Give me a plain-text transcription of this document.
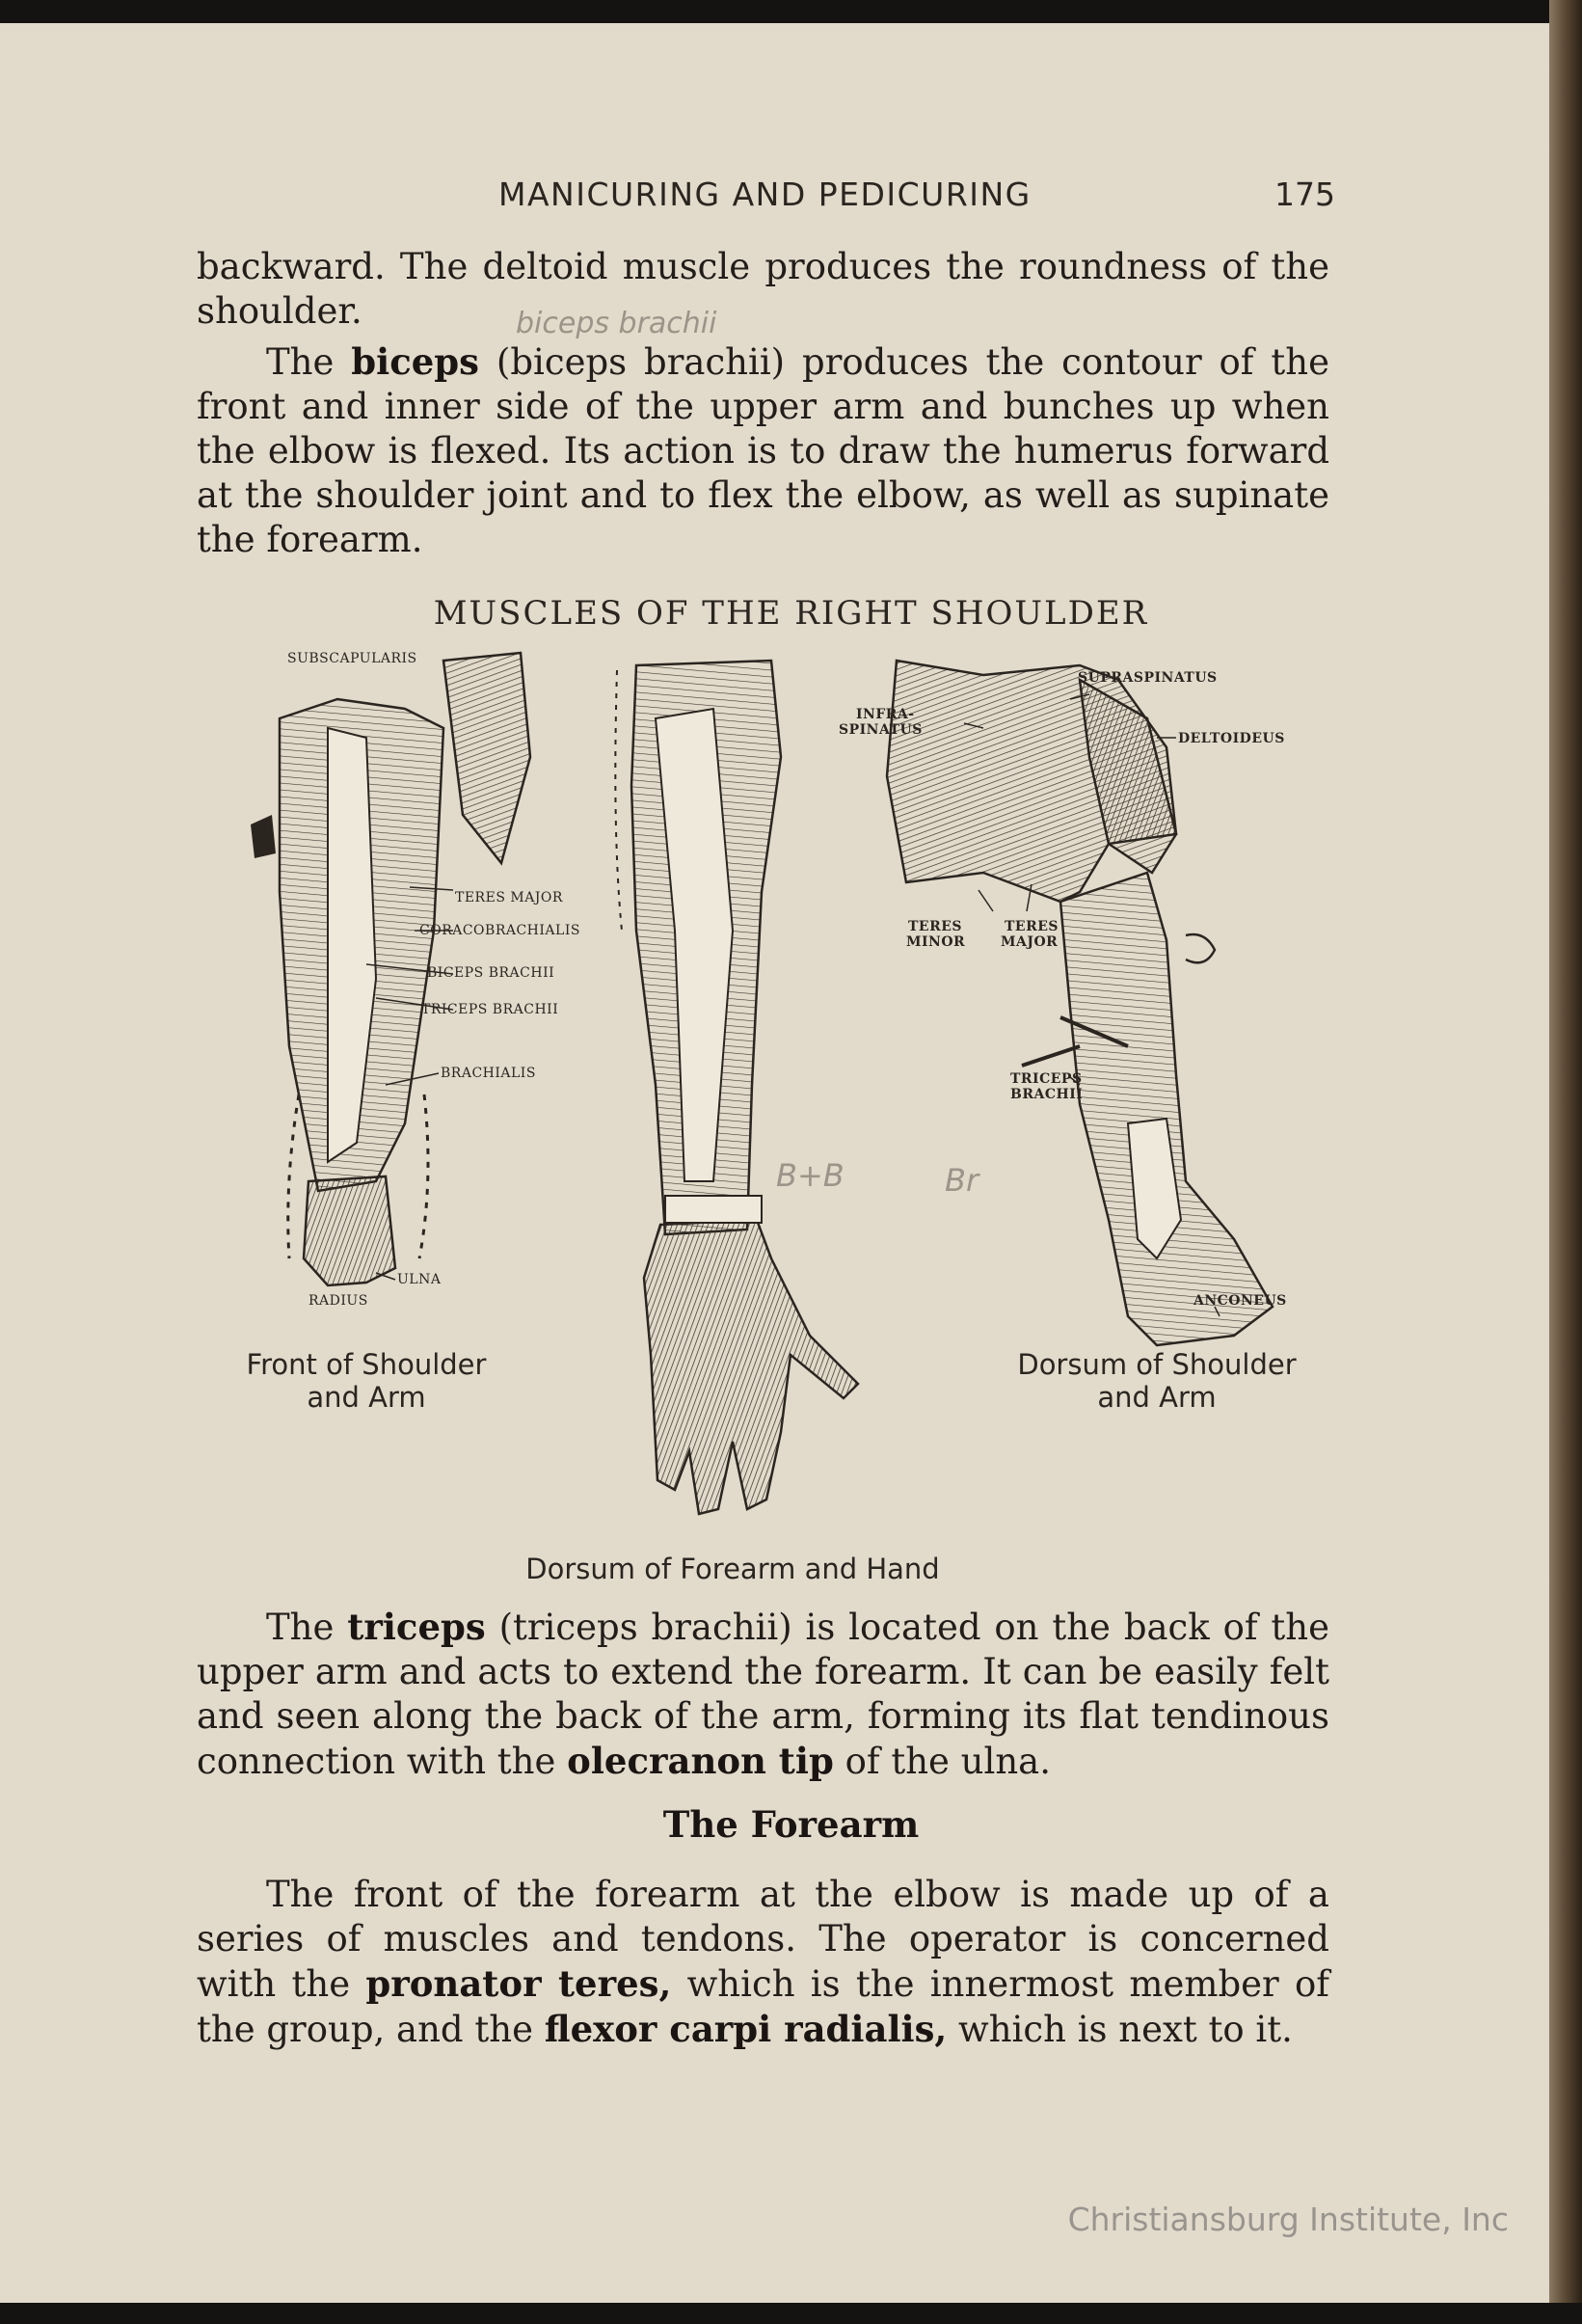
MANICURING AND PEDICURING	175

backward. The deltoid muscle produces the roundness of the shoulder.

The biceps (biceps brachii) produces the contour of the front and inner side of the upper arm and bunches up when the elbow is flexed. Its action is to draw the humerus forward at the shoulder joint and to flex the elbow, as well as supinate the forearm.

biceps brachii
MUSCLES OF THE RIGHT SHOULDER
SUBSCAPULARIS
TERES MAJOR
CORACOBRACHIALIS
BICEPS BRACHII
TRICEPS BRACHII
BRACHIALIS
ULNA
RADIUS
SUPRASPINATUS
INFRA-
SPINATUS
DELTOIDEUS
TERES
MINOR
TERES
MAJOR
TRICEPS
BRACHII
ANCONEUS
B+B	Br
Front of Shoulder
and Arm
Dorsum of Shoulder
and Arm
Dorsum of Forearm and Hand

The triceps (triceps brachii) is located on the back of the upper arm and acts to extend the forearm. It can be easily felt and seen along the back of the arm, forming its flat tendinous connection with the olecranon tip of the ulna.

The Forearm

The front of the forearm at the elbow is made up of a series of muscles and tendons. The operator is concerned with the pronator teres, which is the innermost member of the group, and the flexor carpi radialis, which is next to it.

Christiansburg Institute, Inc
